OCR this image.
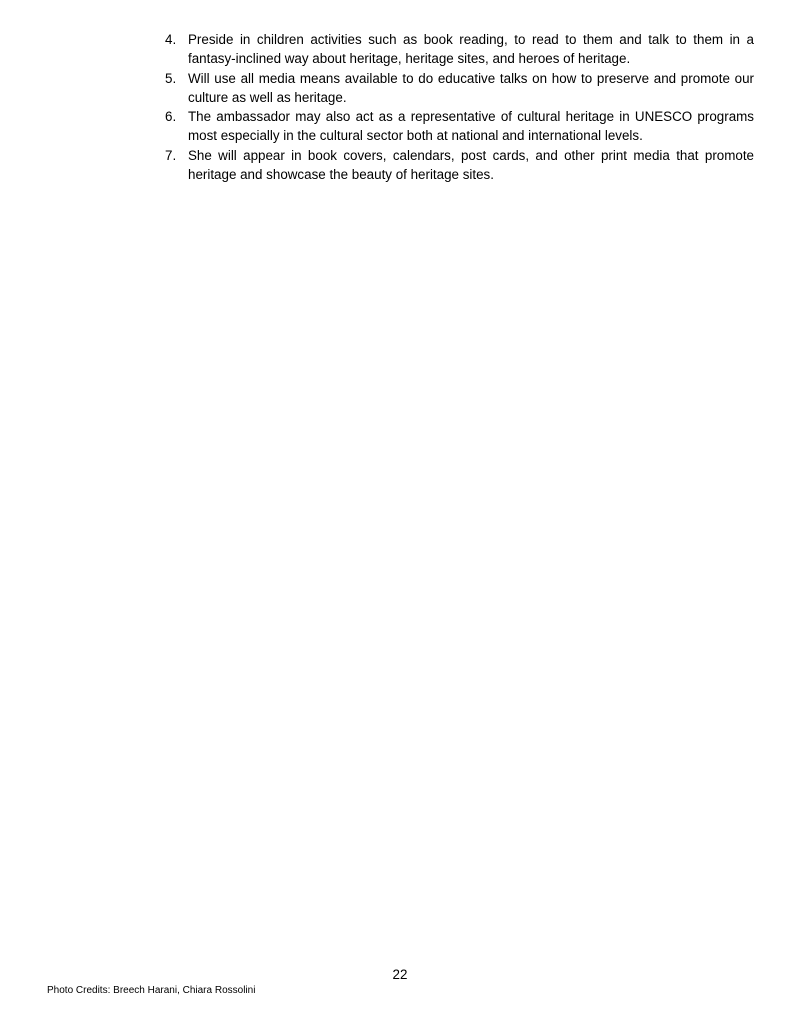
4. Preside in children activities such as book reading, to read to them and talk to them in a fantasy-inclined way about heritage, heritage sites, and heroes of heritage.
5. Will use all media means available to do educative talks on how to preserve and promote our culture as well as heritage.
6. The ambassador may also act as a representative of cultural heritage in UNESCO programs most especially in the cultural sector both at national and international levels.
7. She will appear in book covers, calendars, post cards, and other print media that promote heritage and showcase the beauty of heritage sites.
22
Photo Credits: Breech Harani, Chiara Rossolini
